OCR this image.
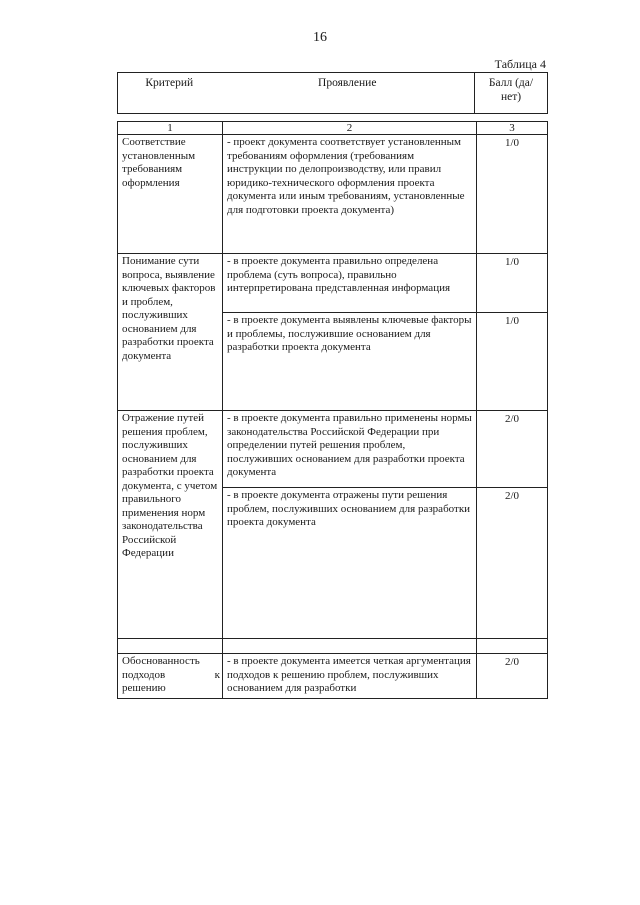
16
Таблица 4
Критерий	Проявление	Балл (да/нет)
1	2	3
Соответствие установленным требованиям оформления	- проект документа соответствует установленным требованиям оформления (требованиям инструкции по делопроизводству, или правил юридико-технического оформления проекта документа или иным требованиям, установленные для подготовки проекта документа)	1/0
Понимание сути вопроса, выявление ключевых факторов и проблем, послуживших основанием для разработки проекта документа	- в проекте документа правильно определена проблема (суть вопроса), правильно интерпретирована представленная информация	1/0
	- в проекте документа выявлены ключевые факторы и проблемы, послужившие основанием для разработки проекта документа	1/0
Отражение путей решения проблем, послуживших основанием для разработки проекта документа, с учетом правильного применения норм законодательства Российской Федерации	- в проекте документа правильно применены нормы законодательства Российской Федерации при определении путей решения проблем, послуживших основанием для разработки проекта документа	2/0
	- в проекте документа отражены пути решения проблем, послуживших основанием для разработки проекта документа	2/0

Обоснованность
подходов к
решению	- в проекте документа имеется четкая аргументация подходов к решению проблем, послуживших основанием для разработки	2/0
